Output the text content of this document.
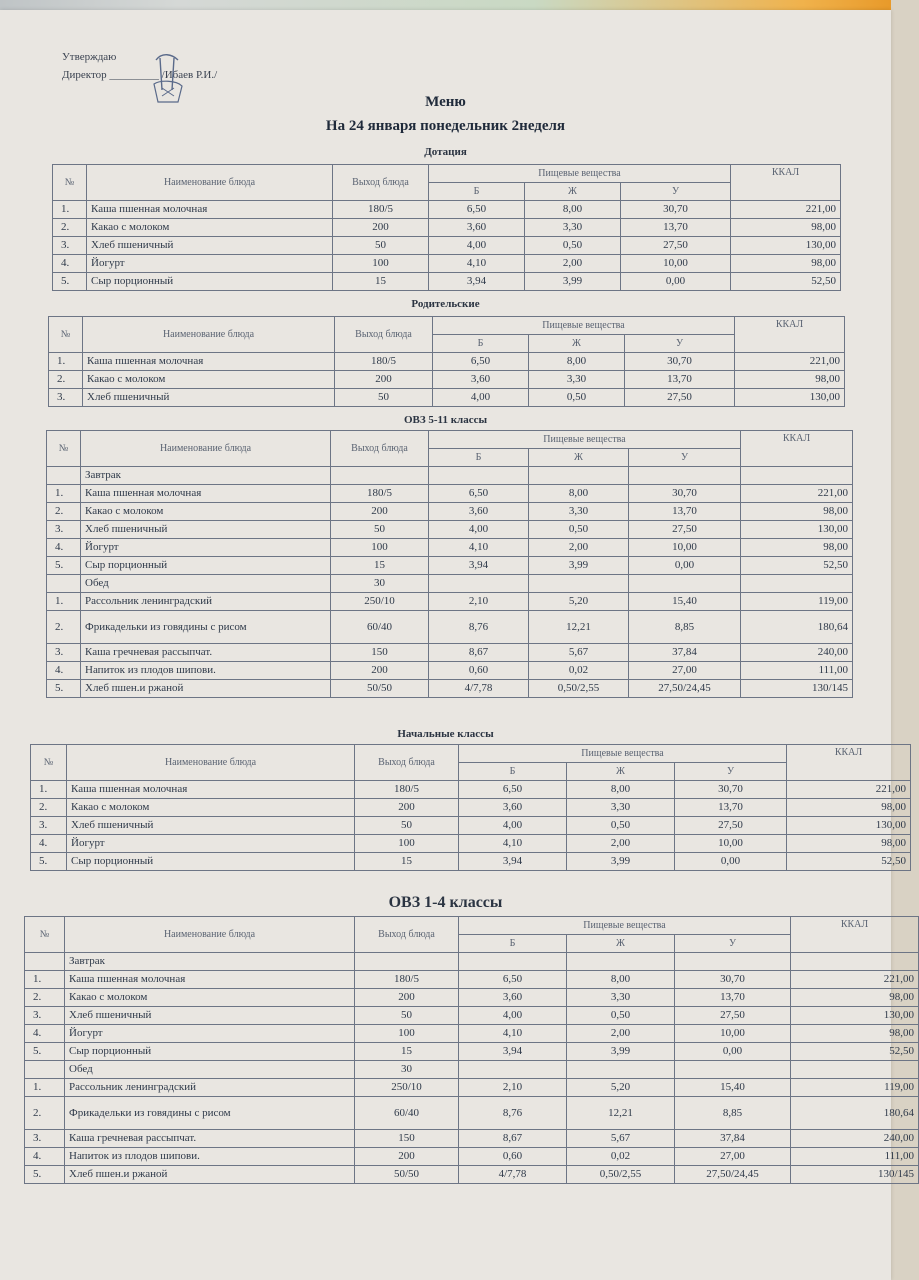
Утверждаю
Директор _________ /Ибаев Р.И./
Меню
На 24 января понедельник 2неделя
Дотация
№	Наименование блюда	Выход блюда	Пищевые вещества			ККАЛ
			Б	Ж	У	
1.	Каша пшенная молочная	180/5	6,50	8,00	30,70	221,00
2.	Какао с молоком	200	3,60	3,30	13,70	98,00
3.	Хлеб пшеничный	50	4,00	0,50	27,50	130,00
4.	Йогурт	100	4,10	2,00	10,00	98,00
5.	Сыр порционный	15	3,94	3,99	0,00	52,50
Родительские
№	Наименование блюда	Выход блюда	Пищевые вещества			ККАЛ
			Б	Ж	У	
1.	Каша пшенная молочная	180/5	6,50	8,00	30,70	221,00
2.	Какао с молоком	200	3,60	3,30	13,70	98,00
3.	Хлеб пшеничный	50	4,00	0,50	27,50	130,00
ОВЗ 5-11 классы
№	Наименование блюда	Выход блюда	Пищевые вещества			ККАЛ
			Б	Ж	У	
	Завтрак					
1.	Каша пшенная молочная	180/5	6,50	8,00	30,70	221,00
2.	Какао с молоком	200	3,60	3,30	13,70	98,00
3.	Хлеб пшеничный	50	4,00	0,50	27,50	130,00
4.	Йогурт	100	4,10	2,00	10,00	98,00
5.	Сыр порционный	15	3,94	3,99	0,00	52,50
	Обед	30				
1.	Рассольник ленинградский	250/10	2,10	5,20	15,40	119,00
2.	Фрикадельки из говядины с рисом	60/40	8,76	12,21	8,85	180,64
3.	Каша гречневая рассыпчат.	150	8,67	5,67	37,84	240,00
4.	Напиток из плодов шипови.	200	0,60	0,02	27,00	111,00
5.	Хлеб пшен.и ржаной	50/50	4/7,78	0,50/2,55	27,50/24,45	130/145
Начальные классы
№	Наименование блюда	Выход блюда	Пищевые вещества			ККАЛ
			Б	Ж	У	
1.	Каша пшенная молочная	180/5	6,50	8,00	30,70	221,00
2.	Какао с молоком	200	3,60	3,30	13,70	98,00
3.	Хлеб пшеничный	50	4,00	0,50	27,50	130,00
4.	Йогурт	100	4,10	2,00	10,00	98,00
5.	Сыр порционный	15	3,94	3,99	0,00	52,50
ОВЗ 1-4 классы
№	Наименование блюда	Выход блюда	Пищевые вещества			ККАЛ
			Б	Ж	У	
	Завтрак					
1.	Каша пшенная молочная	180/5	6,50	8,00	30,70	221,00
2.	Какао с молоком	200	3,60	3,30	13,70	98,00
3.	Хлеб пшеничный	50	4,00	0,50	27,50	130,00
4.	Йогурт	100	4,10	2,00	10,00	98,00
5.	Сыр порционный	15	3,94	3,99	0,00	52,50
	Обед	30				
1.	Рассольник ленинградский	250/10	2,10	5,20	15,40	119,00
2.	Фрикадельки из говядины с рисом	60/40	8,76	12,21	8,85	180,64
3.	Каша гречневая рассыпчат.	150	8,67	5,67	37,84	240,00
4.	Напиток из плодов шипови.	200	0,60	0,02	27,00	111,00
5.	Хлеб пшен.и ржаной	50/50	4/7,78	0,50/2,55	27,50/24,45	130/145
